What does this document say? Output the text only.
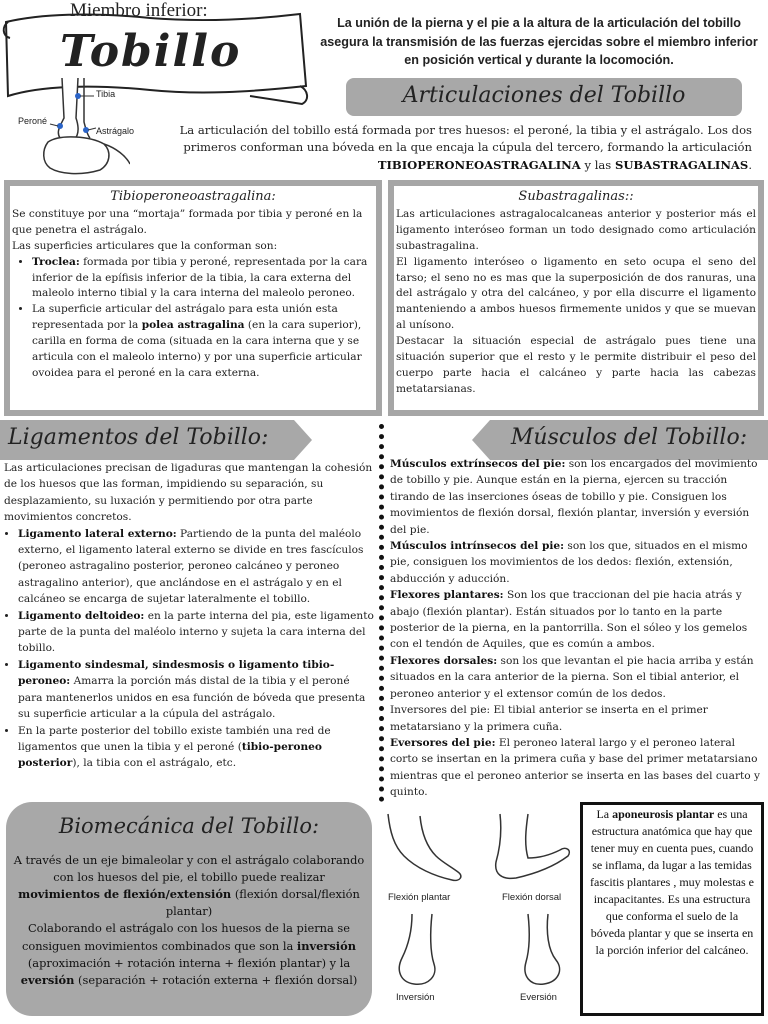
Miembro inferior:
Tobillo
La unión de la pierna y el pie a la altura de la articulación del tobillo asegura la transmisión de las fuerzas ejercidas sobre el miembro inferior en posición vertical y durante la locomoción.
Tibia
Peroné
Astrágalo
Articulaciones del Tobillo
La articulación del tobillo está formada por tres huesos: el peroné, la tibia y el astrágalo. Los dos primeros conforman una bóveda en la que encaja la cúpula del tercero, formando la articulación TIBIOPERONEOASTRAGALINA y las SUBASTRAGALINAS.
Tibioperoneoastragalina:
Se constituye por una “mortaja” formada por tibia y peroné en la que penetra el astrágalo.
Las superficies articulares que la conforman son:
• Troclea: formada por tibia y peroné, representada por la cara inferior de la epífisis inferior de la tibia, la cara externa del maleolo interno tibial y la cara interna del maleolo peroneo.
• La superficie articular del astrágalo para esta unión esta representada por la polea astragalina (en la cara superior), carilla en forma de coma (situada en la cara interna que y se articula con el maleolo interno) y por una superficie articular ovoidea para el peroné en la cara externa.
Subastragalinas::
Las articulaciones astragalocalcaneas anterior y posterior más el ligamento interóseo forman un todo designado como articulación subastragalina.
El ligamento interóseo o ligamento en seto ocupa el seno del tarso; el seno no es mas que la superposición de dos ranuras, una del astrágalo y otra del calcáneo, y por ella discurre el ligamento manteniendo a ambos huesos firmemente unidos y que se muevan al unísono.
Destacar la situación especial de astrágalo pues tiene una situación superior que el resto y le permite distribuir el peso del cuerpo parte hacia el calcáneo y parte hacia las cabezas metatarsianas.
Ligamentos del Tobillo:	Músculos del Tobillo:
Las articulaciones precisan de ligaduras que mantengan la cohesión de los huesos que las forman, impidiendo su separación, su desplazamiento, su luxación y permitiendo por otra parte movimientos concretos.
• Ligamento lateral externo: Partiendo de la punta del maléolo externo, el ligamento lateral externo se divide en tres fascículos (peroneo astragalino posterior, peroneo calcáneo y peroneo astragalino anterior), que anclándose en el astrágalo y en el calcáneo se encarga de sujetar lateralmente el tobillo.
• Ligamento deltoideo: en la parte interna del pia, este ligamento parte de la punta del maléolo interno y sujeta la cara interna del tobillo.
• Ligamento sindesmal, sindesmosis o ligamento tibio-peroneo: Amarra la porción más distal de la tibia y el peroné para mantenerlos unidos en esa función de bóveda que presenta su superficie articular a la cúpula del astrágalo.
• En la parte posterior del tobillo existe también una red de ligamentos que unen la tibia y el peroné (tibio-peroneo posterior), la tibia con el astrágalo, etc.
Músculos extrínsecos del pie: son los encargados del movimiento de tobillo y pie. Aunque están en la pierna, ejercen su tracción tirando de las inserciones óseas de tobillo y pie. Consiguen los movimientos de flexión dorsal, flexión plantar, inversión y eversión del pie.
Músculos intrínsecos del pie: son los que, situados en el mismo pie, consiguen los movimientos de los dedos: flexión, extensión, abducción y aducción.
Flexores plantares: Son los que traccionan del pie hacia atrás y abajo (flexión plantar). Están situados por lo tanto en la parte posterior de la pierna, en la pantorrilla. Son el sóleo y los gemelos con el tendón de Aquiles, que es común a ambos.
Flexores dorsales: son los que levantan el pie hacia arriba y están situados en la cara anterior de la pierna. Son el tibial anterior, el peroneo anterior y el extensor común de los dedos.
Inversores del pie: El tibial anterior se inserta en el primer metatarsiano y la primera cuña.
Eversores del pie: El peroneo lateral largo y el peroneo lateral corto se insertan en la primera cuña y base del primer metatarsiano mientras que el peroneo anterior se inserta en las bases del cuarto y quinto.
Biomecánica del Tobillo:
A través de un eje bimaleolar y con el astrágalo colaborando con los huesos del pie, el tobillo puede realizar movimientos de flexión/extensión (flexión dorsal/flexión plantar)
Colaborando el astrágalo con los huesos de la pierna se consiguen movimientos combinados que son la inversión (aproximación + rotación interna + flexión plantar) y la eversión (separación + rotación externa + flexión dorsal)
Flexión plantar	Flexión dorsal
Inversión	Eversión
La aponeurosis plantar es una estructura anatómica que hay que tener muy en cuenta pues, cuando se inflama, da lugar a las temidas fascitis plantares , muy molestas e incapacitantes. Es una estructura que conforma el suelo de la bóveda plantar y que se inserta en la porción inferior del calcáneo.
